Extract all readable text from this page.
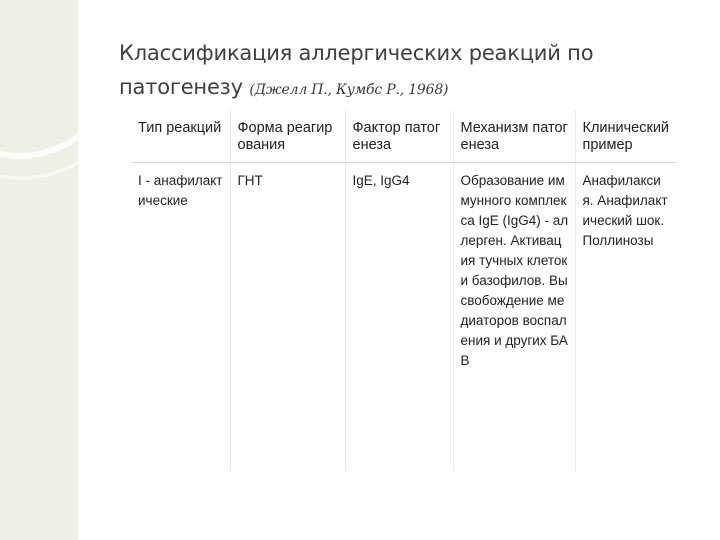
Классификация аллергических реакций по патогенезу (Джелл П., Кумбс Р., 1968)
Тип реакций	Форма реагирования	Фактор патогенеза	Механизм патогенеза	Клинический пример
I - анафилактические	ГНТ	IgE, IgG4	Образование иммунного комплекса IgE (IgG4) - аллерген. Активация тучных клеток и базофилов. Высвобождение медиаторов воспаления и других БАВ	Анафилаксия. Анафилактический шок. Поллинозы
